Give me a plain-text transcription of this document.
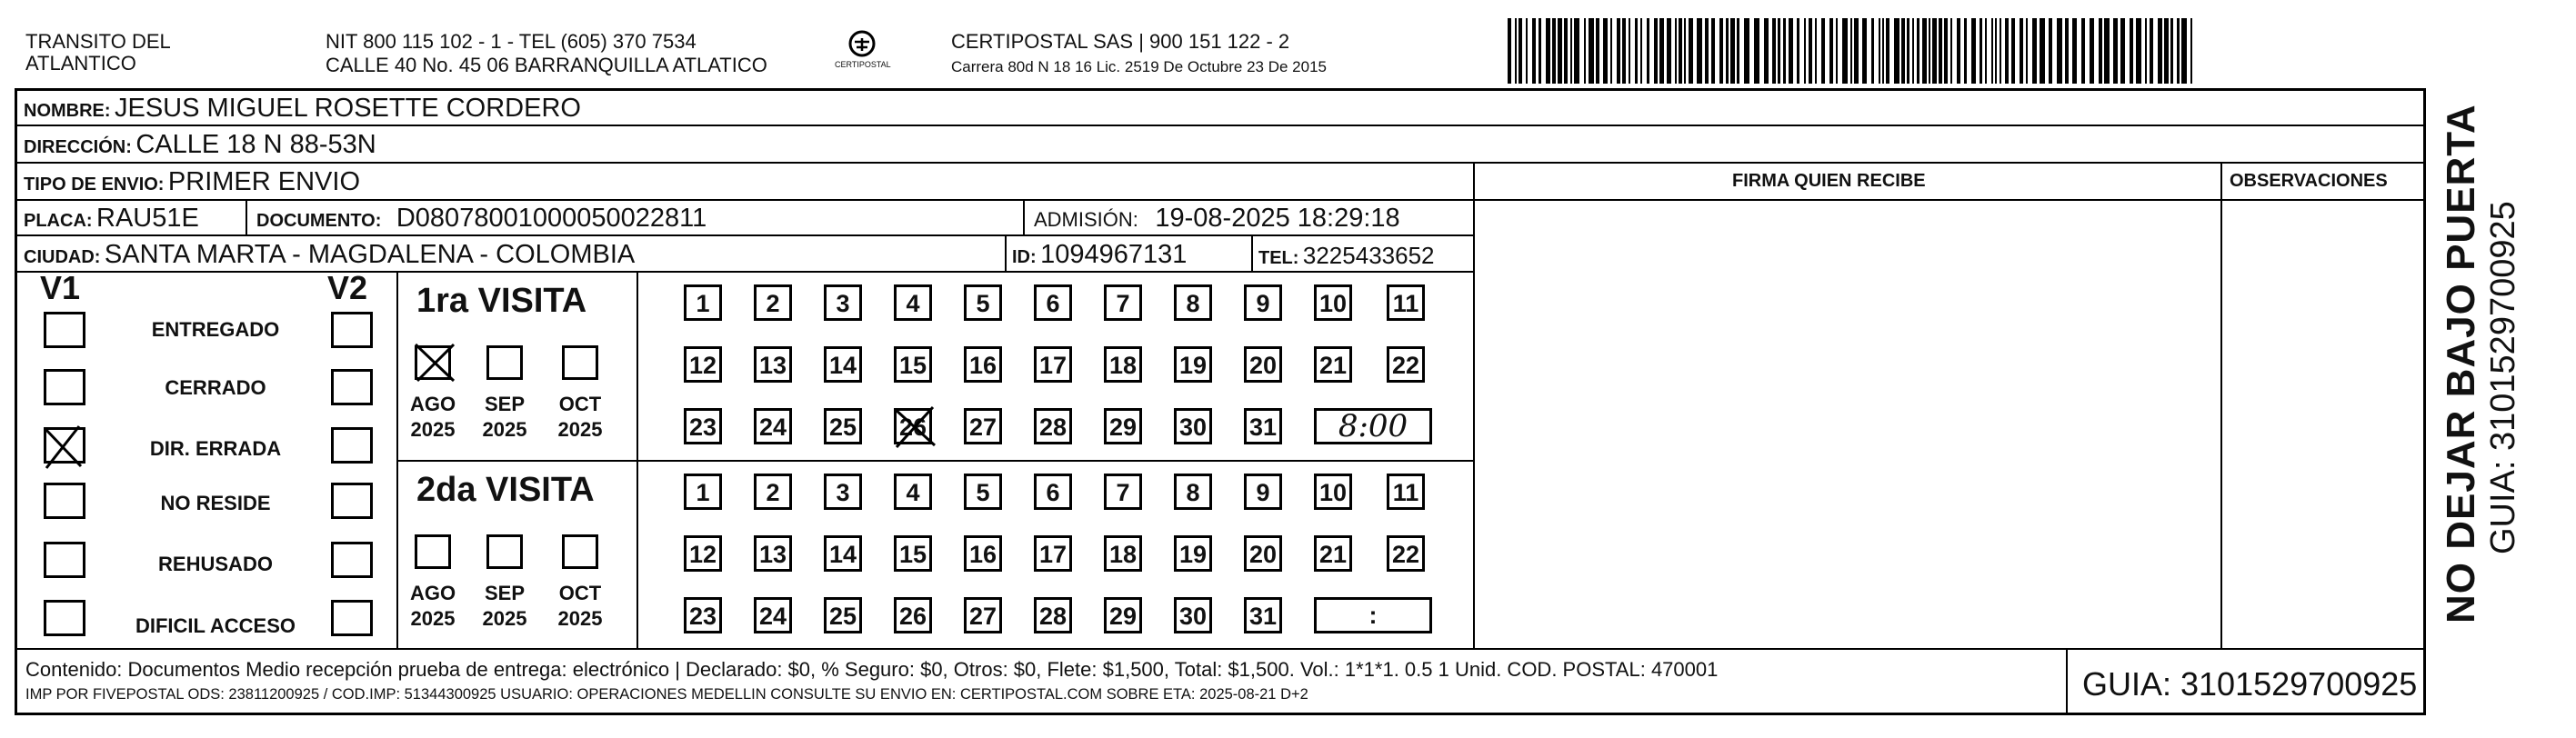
TRANSITO DEL
ATLANTICO
NIT 800 115 102 - 1 - TEL (605) 370 7534
CALLE 40 No. 45 06 BARRANQUILLA ATLATICO	CERTIPOSTAL
CERTIPOSTAL SAS | 900 151 122 - 2
Carrera 80d N 18 16 Lic. 2519 De Octubre 23 De 2015
NOMBRE: JESUS MIGUEL ROSETTE CORDERO
DIRECCIÓN: CALLE 18 N 88-53N
TIPO DE ENVIO: PRIMER ENVIO	FIRMA QUIEN RECIBE	OBSERVACIONES
PLACA: RAU51E	DOCUMENTO: D08078001000050022811	ADMISIÓN: 19-08-2025 18:29:18
CIUDAD: SANTA MARTA - MAGDALENA - COLOMBIA	ID: 1094967131	TEL: 3225433652
V1	V2
ENTREGADO
CERRADO
DIR. ERRADA
NO RESIDE
REHUSADO
DIFICIL ACCESO
1ra VISITA
AGO
2025
SEP
2025
OCT
2025
1	2	3	4	5	6	7	8	9	10 11
12 13 14 15 16 17 18 19 20 21 22
23 24 25 26 27 28 29 30 31	8:00
2da VISITA
AGO
2025
SEP
2025
OCT
2025
1	2	3	4	5	6	7	8	9	10 11
12 13 14 15 16 17 18 19 20 21 22
23 24 25 26 27 28 29 30 31	:
Contenido: Documentos Medio recepción prueba de entrega: electrónico | Declarado: $0, % Seguro: $0, Otros: $0, Flete: $1,500, Total: $1,500. Vol.: 1*1*1. 0.5 1 Unid. COD. POSTAL: 470001
IMP POR FIVEPOSTAL ODS: 23811200925 / COD.IMP: 51344300925 USUARIO: OPERACIONES MEDELLIN CONSULTE SU ENVIO EN: CERTIPOSTAL.COM SOBRE ETA: 2025-08-21 D+2	GUIA: 3101529700925
NO DEJAR BAJO PUERTA GUIA: 3101529700925
